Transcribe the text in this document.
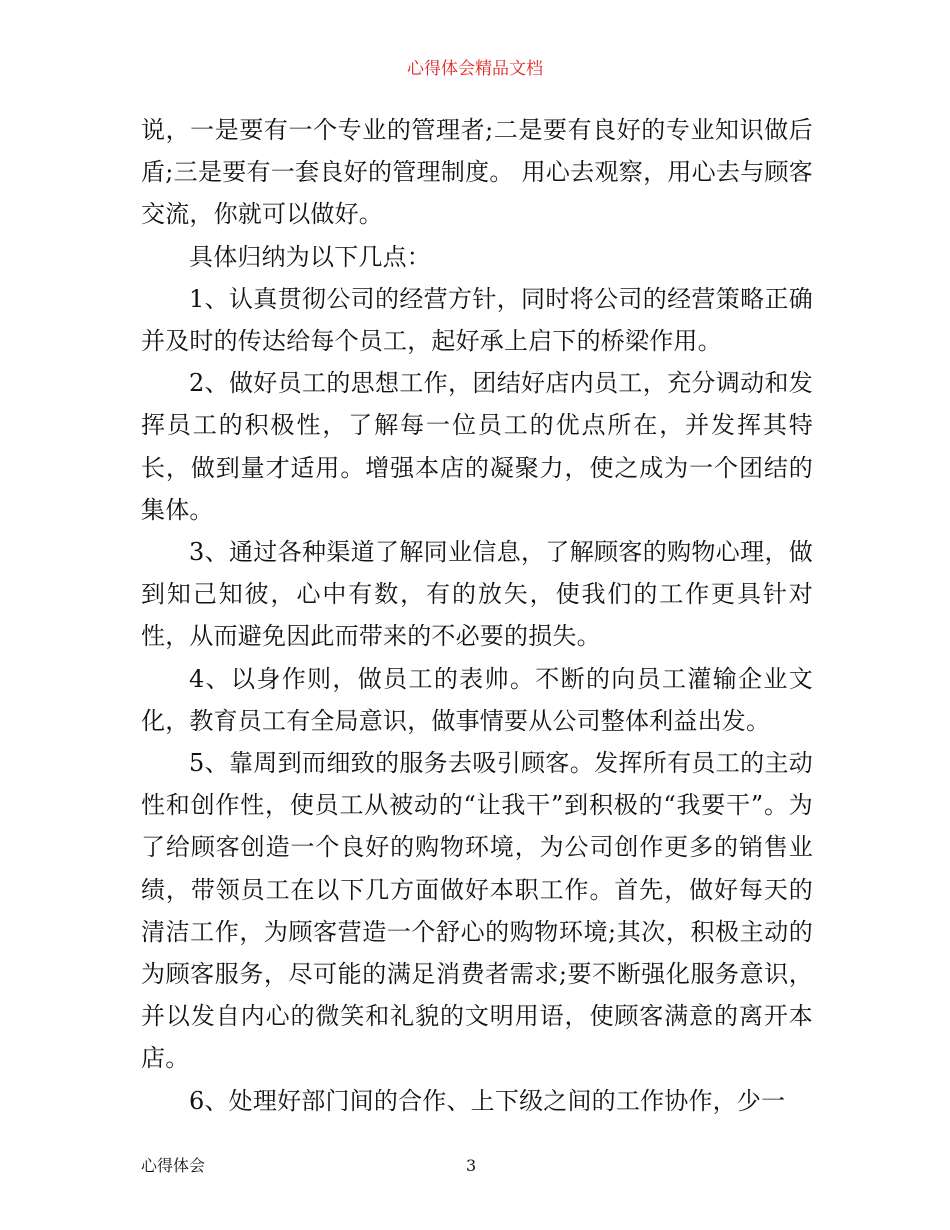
心得体会精品文档

说，一是要有一个专业的管理者;二是要有良好的专业知识做后盾;三是要有一套良好的管理制度。 用心去观察，用心去与顾客交流，你就可以做好。

具体归纳为以下几点：

1、认真贯彻公司的经营方针，同时将公司的经营策略正确并及时的传达给每个员工，起好承上启下的桥梁作用。

2、做好员工的思想工作，团结好店内员工，充分调动和发挥员工的积极性，了解每一位员工的优点所在，并发挥其特长，做到量才适用。增强本店的凝聚力，使之成为一个团结的集体。

3、通过各种渠道了解同业信息，了解顾客的购物心理，做到知己知彼，心中有数，有的放矢，使我们的工作更具针对性，从而避免因此而带来的不必要的损失。

4、以身作则，做员工的表帅。不断的向员工灌输企业文化，教育员工有全局意识，做事情要从公司整体利益出发。

5、靠周到而细致的服务去吸引顾客。发挥所有员工的主动性和创作性，使员工从被动的“让我干”到积极的“我要干”。为了给顾客创造一个良好的购物环境，为公司创作更多的销售业绩，带领员工在以下几方面做好本职工作。首先，做好每天的清洁工作，为顾客营造一个舒心的购物环境;其次，积极主动的为顾客服务，尽可能的满足消费者需求;要不断强化服务意识，并以发自内心的微笑和礼貌的文明用语，使顾客满意的离开本店。

6、处理好部门间的合作、上下级之间的工作协作，少一

心得体会	3
